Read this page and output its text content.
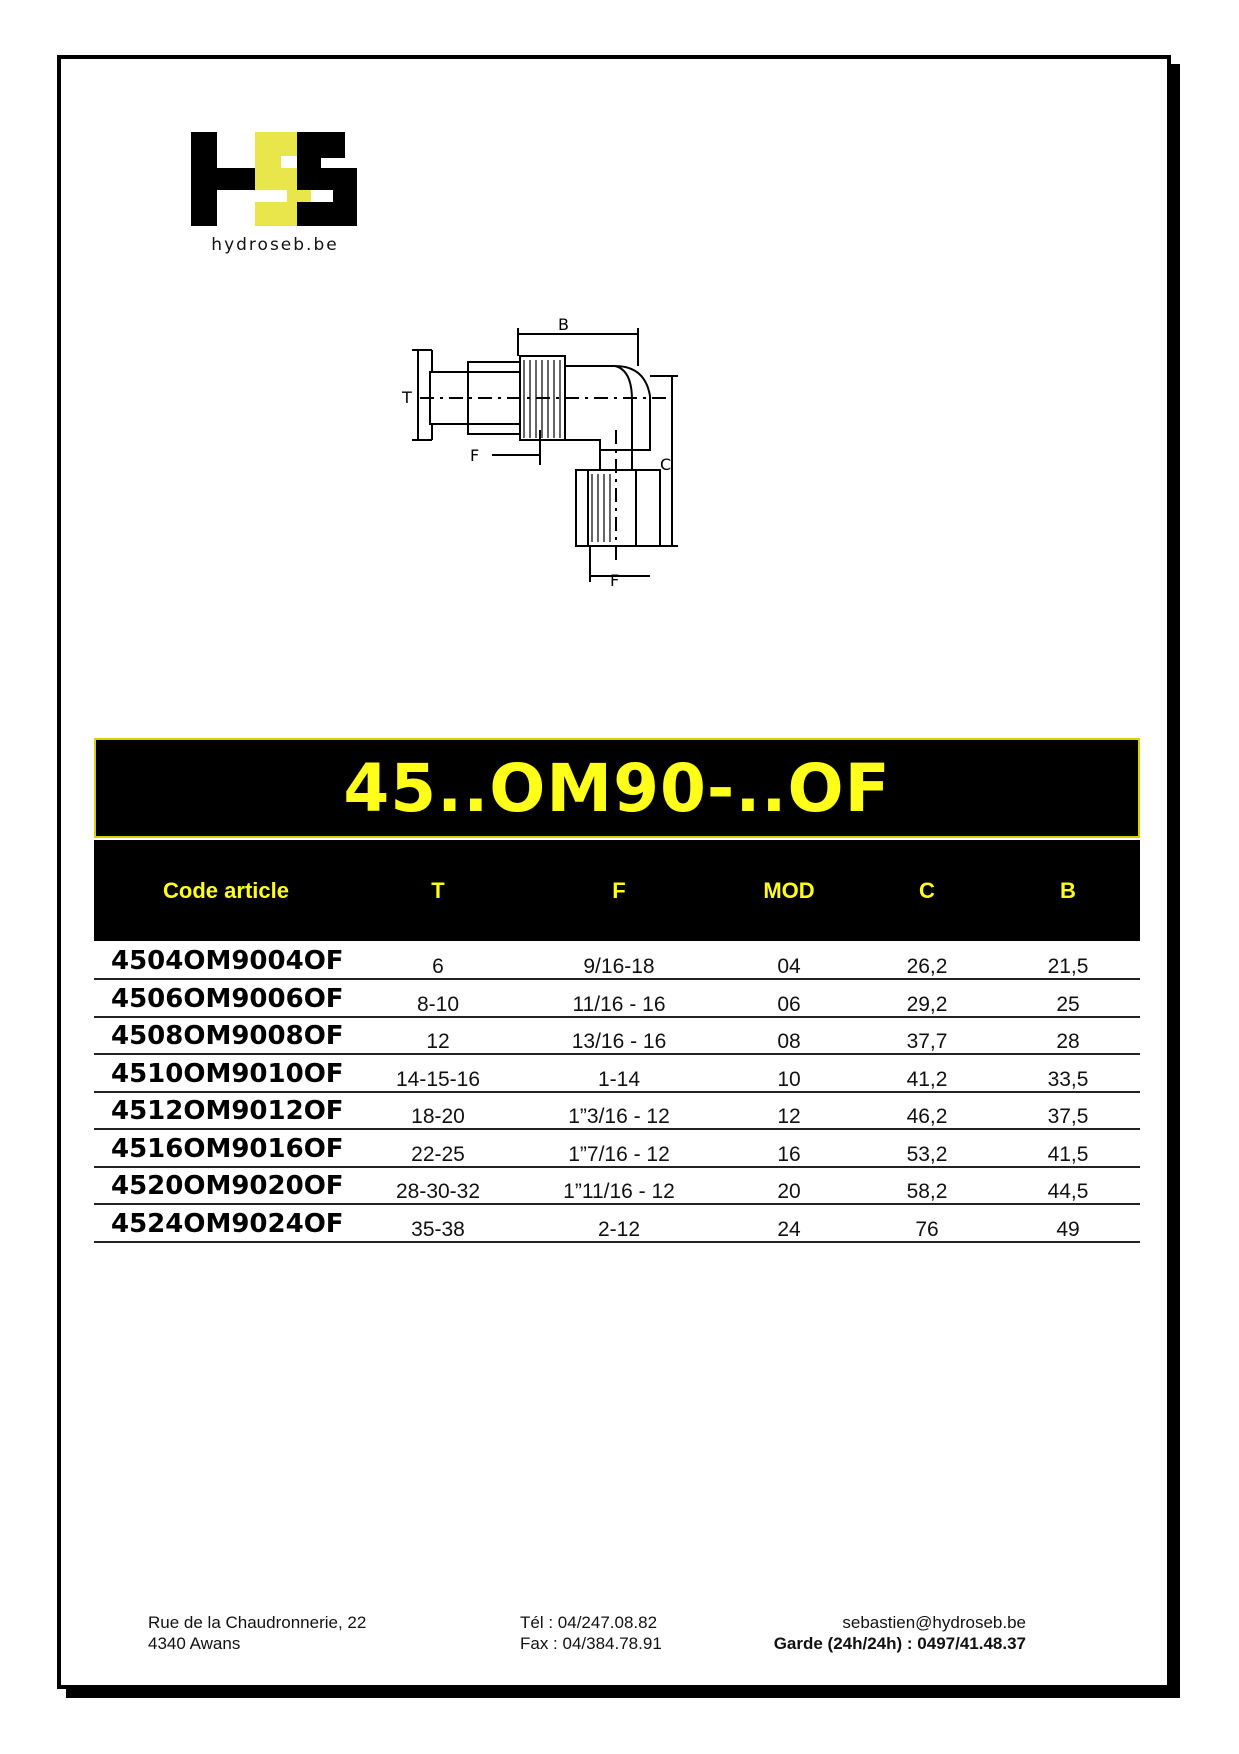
hydroseb.be
B
C
F
F
T
45..OM90-..OF
Code article	T	F	MOD	C	B
4504OM9004OF	6	9/16-18	04	26,2	21,5
4506OM9006OF	8-10	11/16 - 16	06	29,2	25
4508OM9008OF	12	13/16 - 16	08	37,7	28
4510OM9010OF 14-15-16	1-14	10	41,2	33,5
4512OM9012OF	18-20	1”3/16 - 12	12	46,2	37,5
4516OM9016OF	22-25	1”7/16 - 12	16	53,2	41,5
4520OM9020OF 28-30-32	1”11/16 - 12	20	58,2	44,5
4524OM9024OF	35-38	2-12	24	76	49
Rue de la Chaudronnerie, 22
4340 Awans
Tél : 04/247.08.82
Fax : 04/384.78.91
sebastien@hydroseb.be
Garde (24h/24h) : 0497/41.48.37
